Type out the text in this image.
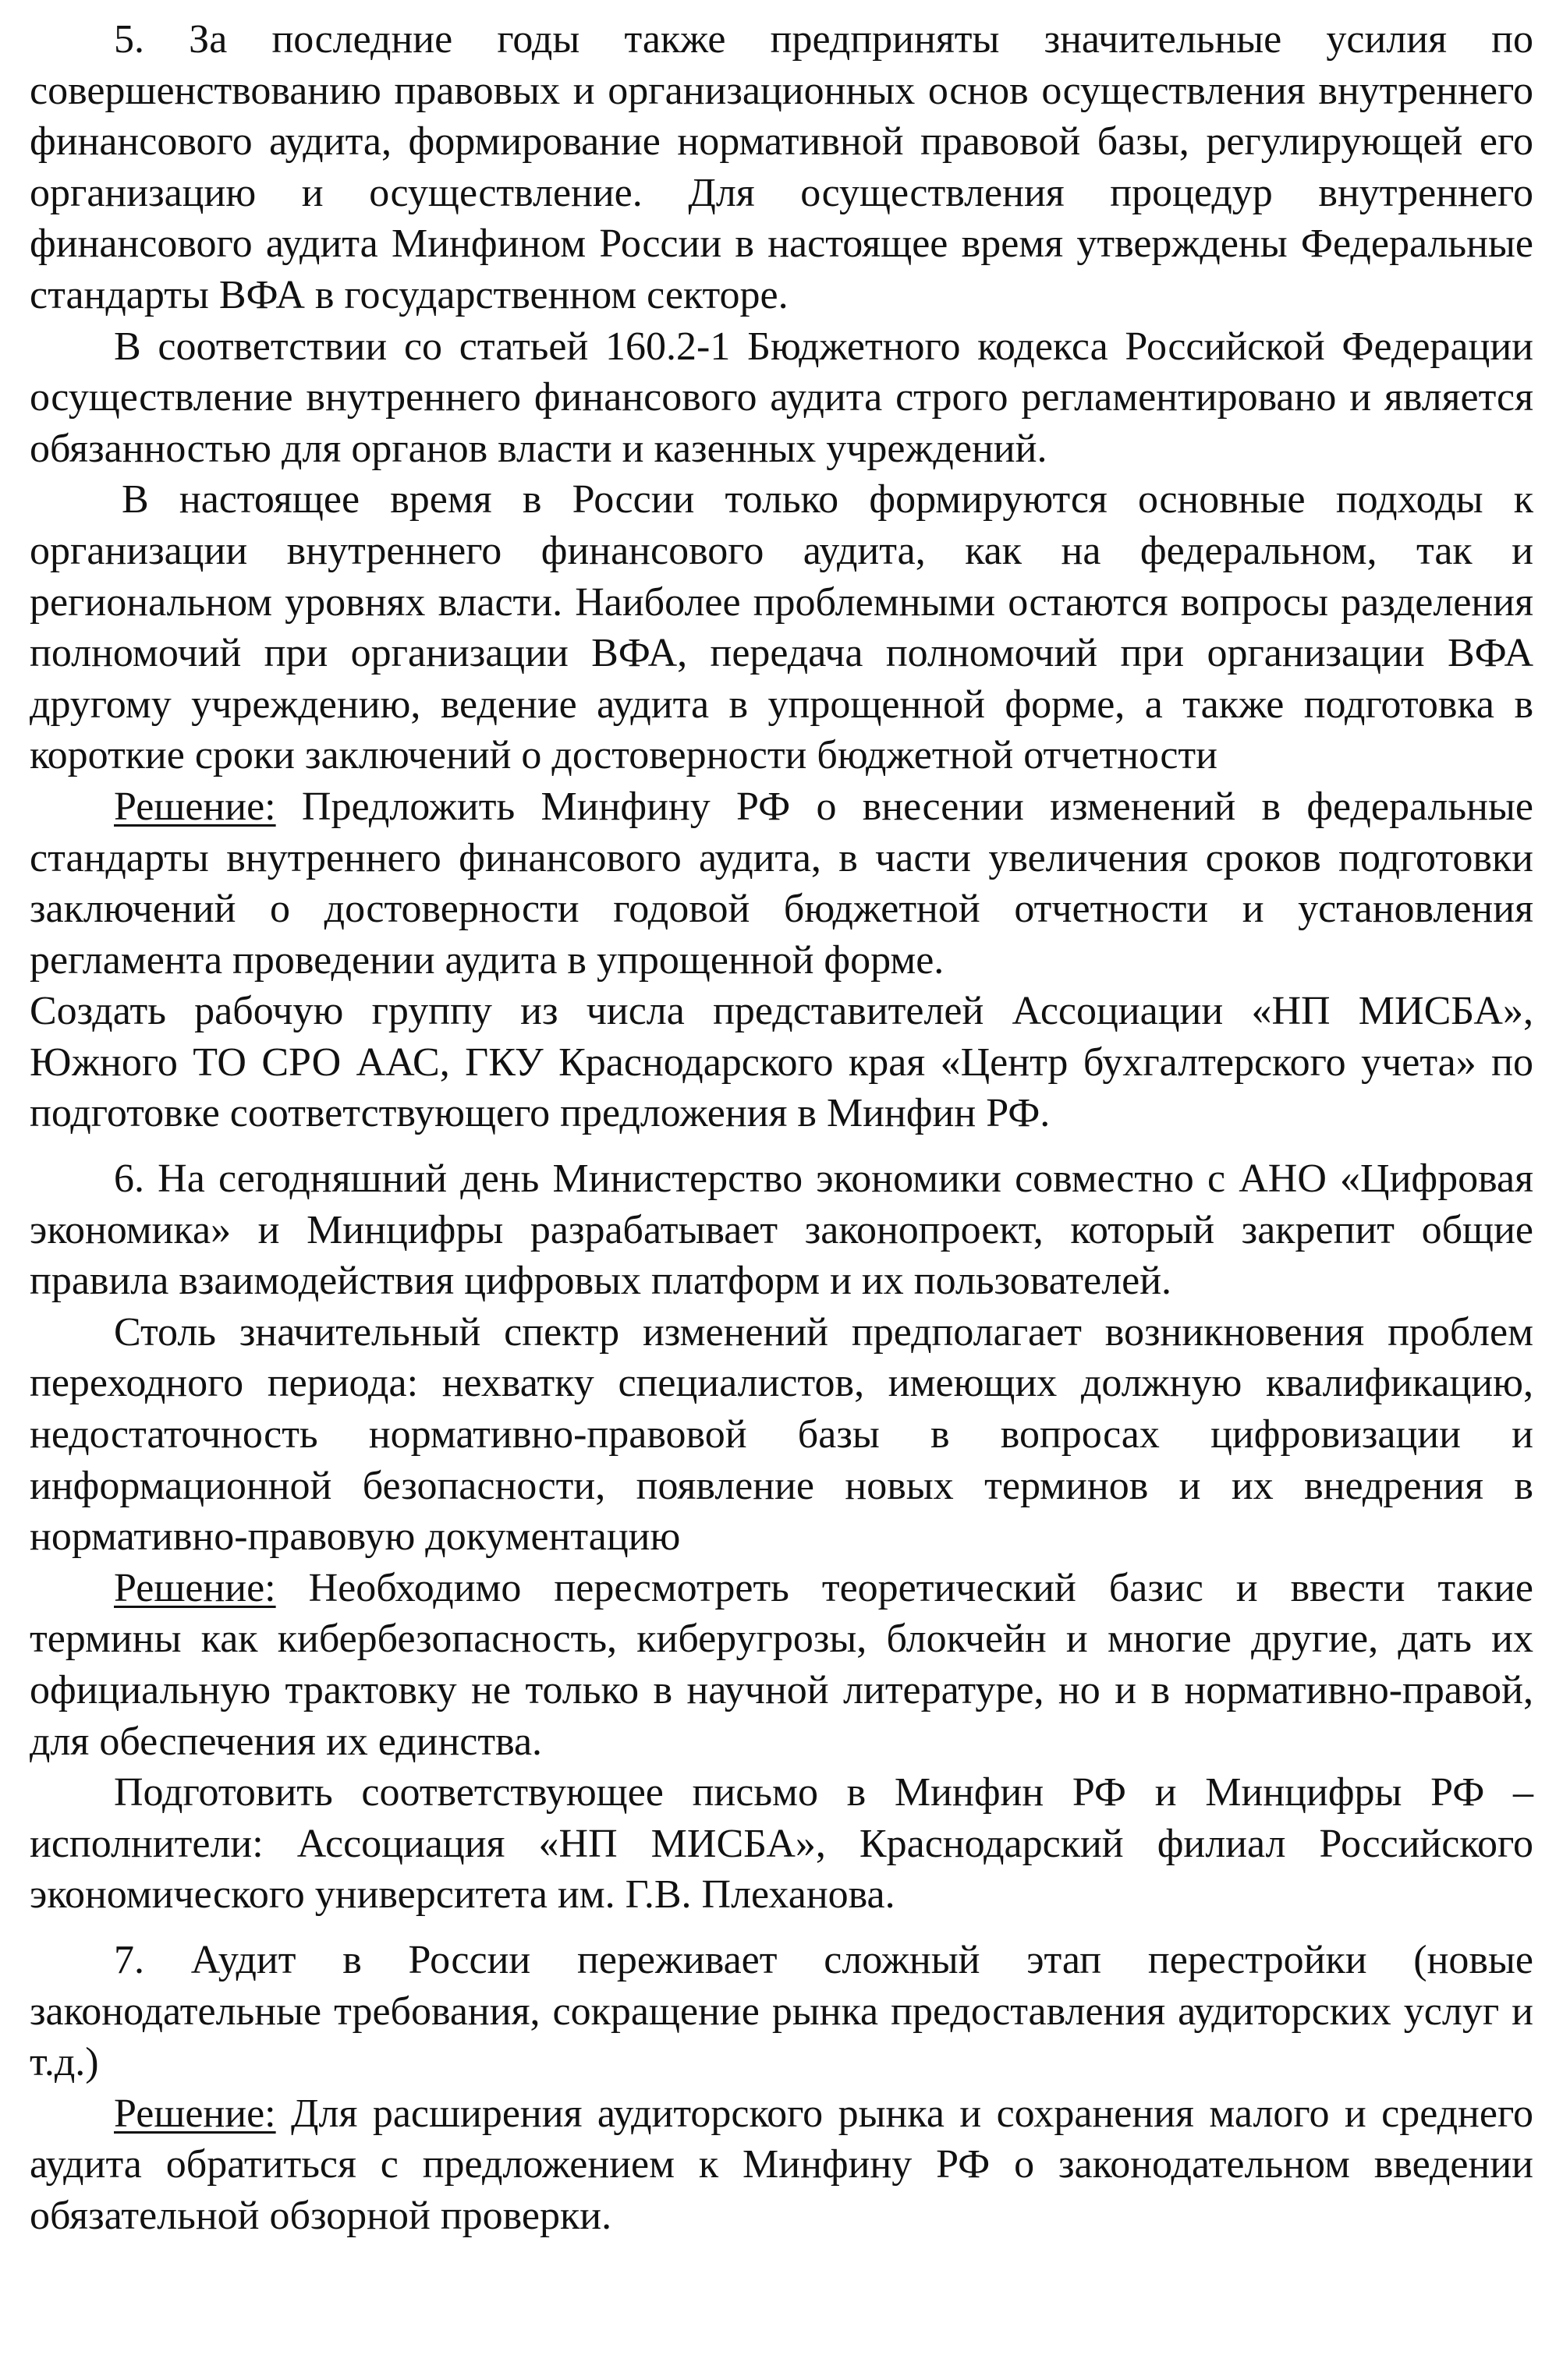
5. За последние годы также предприняты значительные усилия по совершенствованию правовых и организационных основ осуществления внутреннего финансового аудита, формирование нормативной правовой базы, регулирующей его организацию и осуществление. Для осуществления процедур внутреннего финансового аудита Минфином России в настоящее время утверждены Федеральные стандарты ВФА в государственном секторе.

В соответствии со статьей 160.2-1 Бюджетного кодекса Российской Федерации осуществление внутреннего финансового аудита строго регламентировано и является обязанностью для органов власти и казенных учреждений.

В настоящее время в России только формируются основные подходы к организации внутреннего финансового аудита, как на федеральном, так и региональном уровнях власти. Наиболее проблемными остаются вопросы разделения полномочий при организации ВФА, передача полномочий при организации ВФА другому учреждению, ведение аудита в упрощенной форме, а также подготовка в короткие сроки заключений о достоверности бюджетной отчетности

Решение: Предложить Минфину РФ о внесении изменений в федеральные стандарты внутреннего финансового аудита, в части увеличения сроков подготовки заключений о достоверности годовой бюджетной отчетности и установления регламента проведении аудита в упрощенной форме.

Создать рабочую группу из числа представителей Ассоциации «НП МИСБА», Южного ТО СРО ААС, ГКУ Краснодарского края «Центр бухгалтерского учета» по подготовке соответствующего предложения в Минфин РФ.

6. На сегодняшний день Министерство экономики совместно с АНО «Цифровая экономика» и Минцифры разрабатывает законопроект, который закрепит общие правила взаимодействия цифровых платформ и их пользователей.

Столь значительный спектр изменений предполагает возникновения проблем переходного периода: нехватку специалистов, имеющих должную квалификацию, недостаточность нормативно-правовой базы в вопросах цифровизации и информационной безопасности, появление новых терминов и их внедрения в нормативно-правовую документацию

Решение: Необходимо пересмотреть теоретический базис и ввести такие термины как кибербезопасность, киберугрозы, блокчейн и многие другие, дать их официальную трактовку не только в научной литературе, но и в нормативно-правой, для обеспечения их единства.

Подготовить соответствующее письмо в Минфин РФ и Минцифры РФ – исполнители: Ассоциация «НП МИСБА», Краснодарский филиал Российского экономического университета им. Г.В. Плеханова.

7. Аудит в России переживает сложный этап перестройки (новые законодательные требования, сокращение рынка предоставления аудиторских услуг и т.д.)

Решение: Для расширения аудиторского рынка и сохранения малого и среднего аудита обратиться с предложением к Минфину РФ о законодательном введении обязательной обзорной проверки.
